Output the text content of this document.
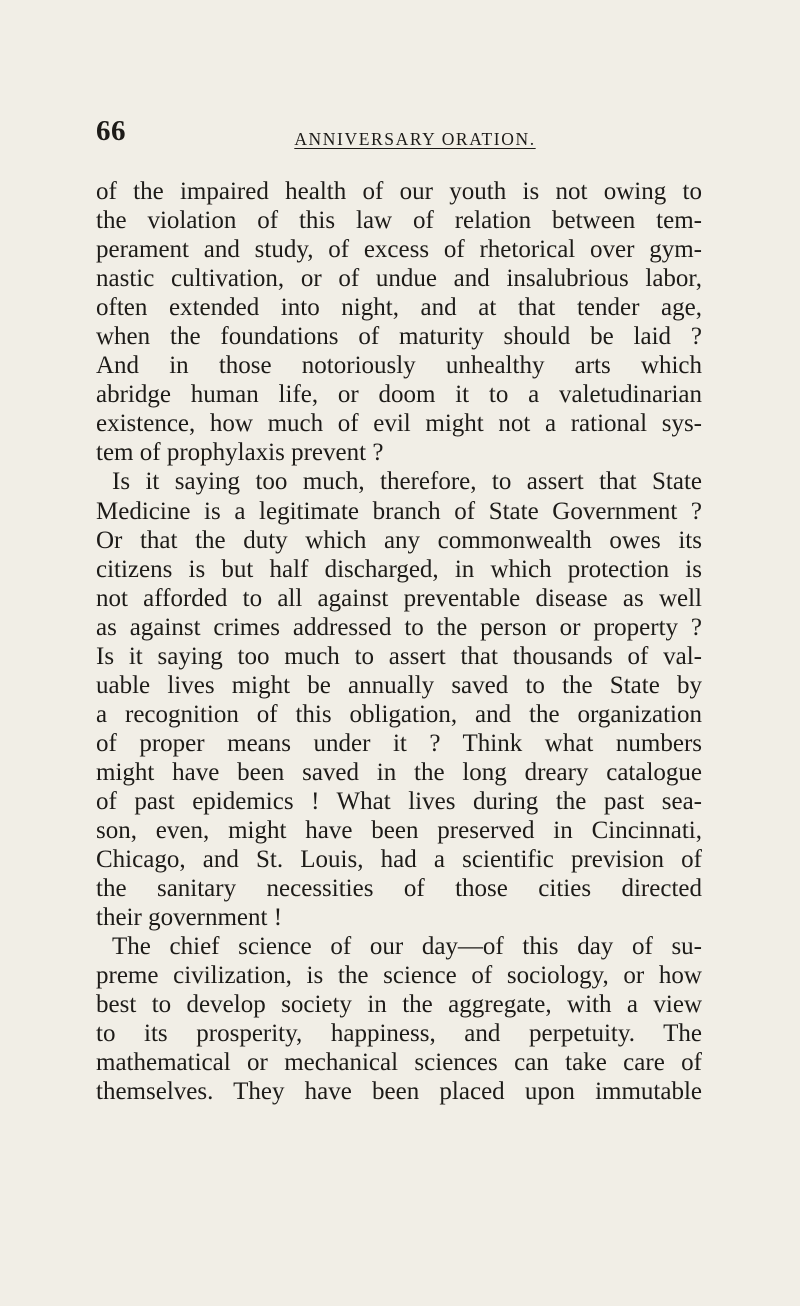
66	ANNIVERSARY ORATION.
of the impaired health of our youth is not owing to
the violation of this law of relation between tem-
perament and study, of excess of rhetorical over gym-
nastic cultivation, or of undue and insalubrious labor,
often extended into night, and at that tender age,
when the foundations of maturity should be laid ?
And in those notoriously unhealthy arts which
abridge human life, or doom it to a valetudinarian
existence, how much of evil might not a rational sys-
tem of prophylaxis prevent ?
Is it saying too much, therefore, to assert that State
Medicine is a legitimate branch of State Government ?
Or that the duty which any commonwealth owes its
citizens is but half discharged, in which protection is
not afforded to all against preventable disease as well
as against crimes addressed to the person or property ?
Is it saying too much to assert that thousands of val-
uable lives might be annually saved to the State by
a recognition of this obligation, and the organization
of proper means under it ? Think what numbers
might have been saved in the long dreary catalogue
of past epidemics ! What lives during the past sea-
son, even, might have been preserved in Cincinnati,
Chicago, and St. Louis, had a scientific prevision of
the sanitary necessities of those cities directed
their government !
The chief science of our day—of this day of su-
preme civilization, is the science of sociology, or how
best to develop society in the aggregate, with a view
to its prosperity, happiness, and perpetuity. The
mathematical or mechanical sciences can take care of
themselves. They have been placed upon immutable
